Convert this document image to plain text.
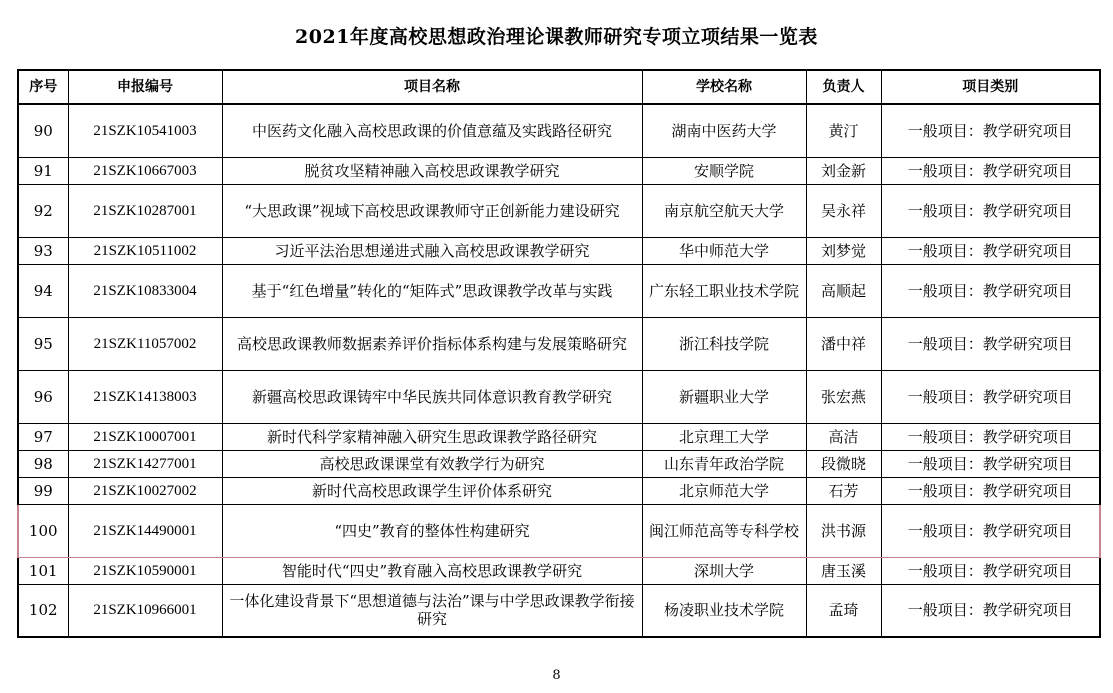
2021年度高校思想政治理论课教师研究专项立项结果一览表
序号	申报编号	项目名称	学校名称	负责人	项目类别
90	21SZK10541003	中医药文化融入高校思政课的价值意蕴及实践路径研究	湖南中医药大学	黄汀	一般项目：教学研究项目
91	21SZK10667003	脱贫攻坚精神融入高校思政课教学研究	安顺学院	刘金新	一般项目：教学研究项目
92	21SZK10287001	“大思政课”视域下高校思政课教师守正创新能力建设研究	南京航空航天大学	吴永祥	一般项目：教学研究项目
93	21SZK10511002	习近平法治思想递进式融入高校思政课教学研究	华中师范大学	刘梦觉	一般项目：教学研究项目
94	21SZK10833004	基于“红色增量”转化的“矩阵式”思政课教学改革与实践	广东轻工职业技术学院	高顺起	一般项目：教学研究项目
95	21SZK11057002	高校思政课教师数据素养评价指标体系构建与发展策略研究	浙江科技学院	潘中祥	一般项目：教学研究项目
96	21SZK14138003	新疆高校思政课铸牢中华民族共同体意识教育教学研究	新疆职业大学	张宏燕	一般项目：教学研究项目
97	21SZK10007001	新时代科学家精神融入研究生思政课教学路径研究	北京理工大学	高洁	一般项目：教学研究项目
98	21SZK14277001	高校思政课课堂有效教学行为研究	山东青年政治学院	段微晓	一般项目：教学研究项目
99	21SZK10027002	新时代高校思政课学生评价体系研究	北京师范大学	石芳	一般项目：教学研究项目
100	21SZK14490001	“四史”教育的整体性构建研究	闽江师范高等专科学校	洪书源	一般项目：教学研究项目
101	21SZK10590001	智能时代“四史”教育融入高校思政课教学研究	深圳大学	唐玉溪	一般项目：教学研究项目
102	21SZK10966001	一体化建设背景下“思想道德与法治”课与中学思政课教学衔接研究	杨凌职业技术学院	孟琦	一般项目：教学研究项目
8
